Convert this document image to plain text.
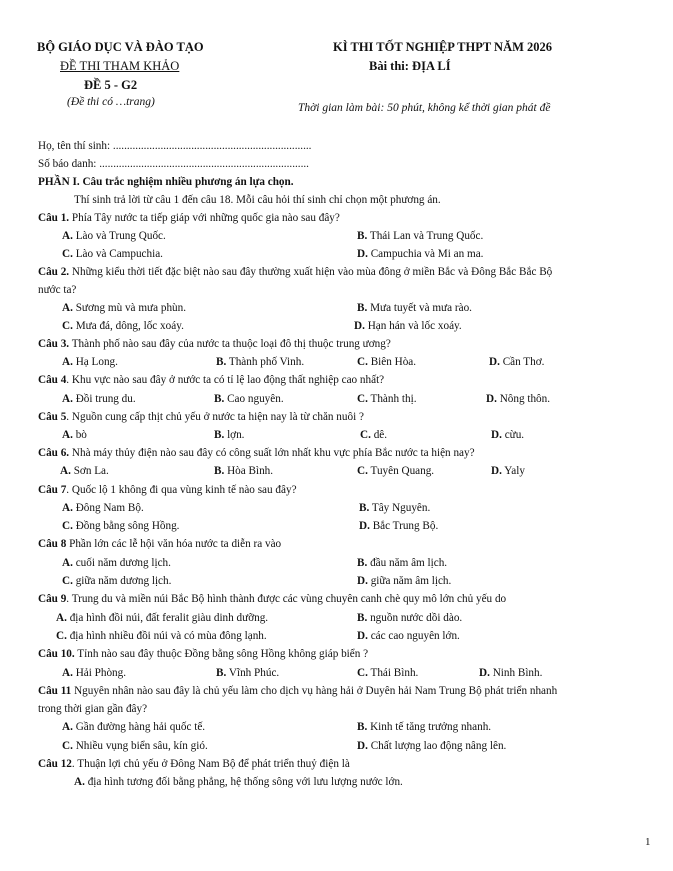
BỘ GIÁO DỤC VÀ ĐÀO TẠO	KÌ THI TỐT NGHIỆP THPT NĂM 2026
ĐỀ THI THAM KHẢO	Bài thi: ĐỊA LÍ
ĐỀ 5 - G2
(Đề thi có …trang)	Thời gian làm bài: 50 phút, không kể thời gian phát đề
Họ, tên thí sinh: .......................................................................
Số báo danh: ...........................................................................
PHẦN I. Câu trắc nghiệm nhiều phương án lựa chọn.
Thí sinh trả lời từ câu 1 đến câu 18. Mỗi câu hỏi thí sinh chỉ chọn một phương án.
Câu 1. Phía Tây nước ta tiếp giáp với những quốc gia nào sau đây?
A. Lào và Trung Quốc.	B. Thái Lan và Trung Quốc.
C. Lào và Campuchia.	D. Campuchia và Mi an ma.
Câu 2. Những kiểu thời tiết đặc biệt nào sau đây thường xuất hiện vào mùa đông ở miền Bắc và Đông Bắc Bắc Bộ
nước ta?
A. Sương mù và mưa phùn.	B. Mưa tuyết và mưa rào.
C. Mưa đá, dông, lốc xoáy.	D. Hạn hán và lốc xoáy.
Câu 3. Thành phố nào sau đây của nước ta thuộc loại đô thị thuộc trung ương?
A. Hạ Long.	B. Thành phố Vinh.	C. Biên Hòa.	D. Cần Thơ.
Câu 4. Khu vực nào sau đây ở nước ta có tỉ lệ lao động thất nghiệp cao nhất?
A. Đồi trung du.	B. Cao nguyên.	C. Thành thị.	D. Nông thôn.
Câu 5. Nguồn cung cấp thịt chủ yếu ở nước ta hiện nay là từ chăn nuôi ?
A. bò	B. lợn.	C. dê.	D. cừu.
Câu 6. Nhà máy thủy điện nào sau đây có công suất lớn nhất khu vực phía Bắc nước ta hiện nay?
A. Sơn La.	B. Hòa Bình.	C. Tuyên Quang.	D. Yaly
Câu 7. Quốc lộ 1 không đi qua vùng kinh tế nào sau đây?
A. Đông Nam Bộ.	B. Tây Nguyên.
C. Đồng bằng sông Hồng.	D. Bắc Trung Bộ.
Câu 8 Phần lớn các lễ hội văn hóa nước ta diễn ra vào
A. cuối năm dương lịch.	B. đầu năm âm lịch.
C. giữa năm dương lịch.	D. giữa năm âm lịch.
Câu 9. Trung du và miền núi Bắc Bộ hình thành được các vùng chuyên canh chè quy mô lớn chủ yếu do
A. địa hình đồi núi, đất feralit giàu dinh dưỡng.	B. nguồn nước dồi dào.
C. địa hình nhiều đồi núi và có mùa đông lạnh.	D. các cao nguyên lớn.
Câu 10. Tỉnh nào sau đây thuộc Đồng bằng sông Hồng không giáp biển ?
A. Hải Phòng.	B. Vĩnh Phúc.	C. Thái Bình.	D. Ninh Bình.
Câu 11 Nguyên nhân nào sau đây là chủ yếu làm cho dịch vụ hàng hải ở Duyên hải Nam Trung Bộ phát triển nhanh
trong thời gian gần đây?
A. Gần đường hàng hải quốc tế.	B. Kinh tế tăng trưởng nhanh.
C. Nhiều vụng biển sâu, kín gió.	D. Chất lượng lao động nâng lên.
Câu 12. Thuận lợi chủ yếu ở Đông Nam Bộ để phát triển thuỷ điện là
A. địa hình tương đối bằng phẳng, hệ thống sông với lưu lượng nước lớn.
1
